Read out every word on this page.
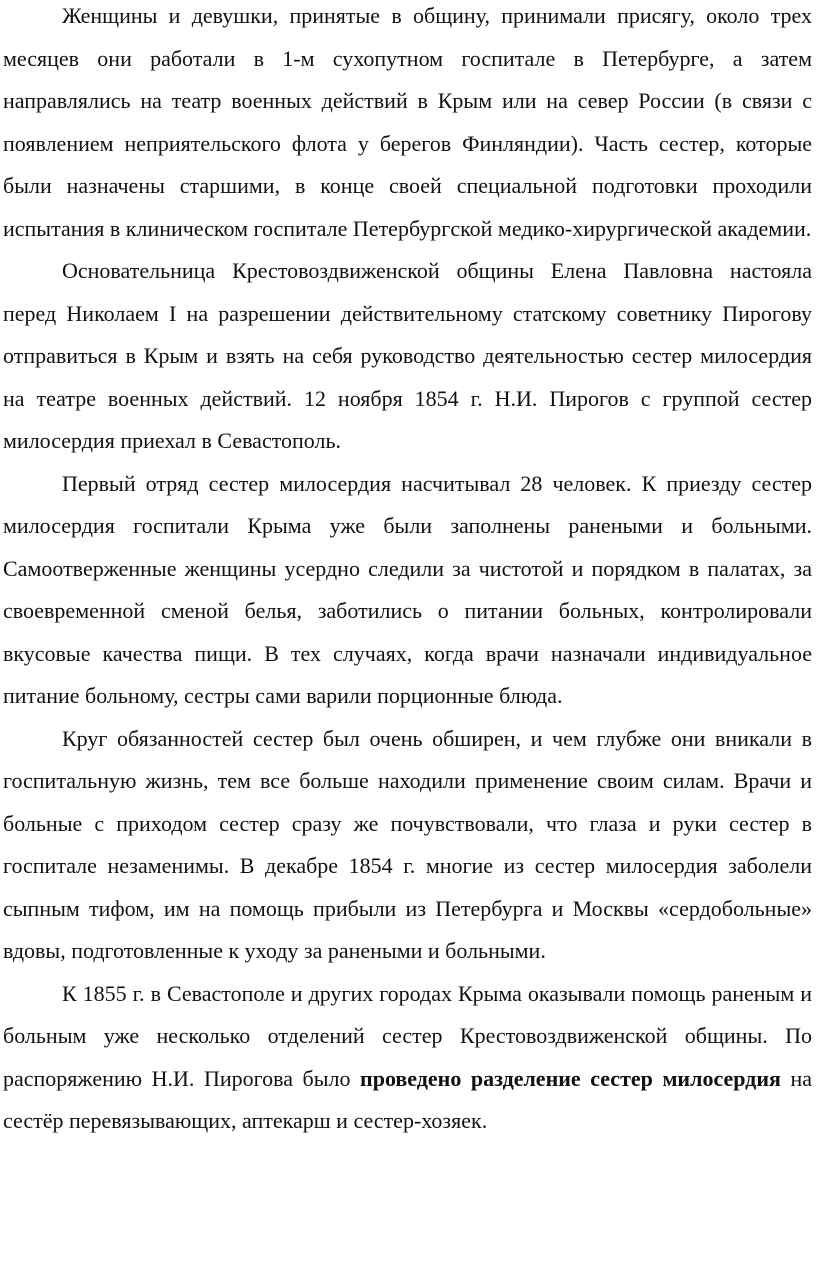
Женщины и девушки, принятые в общину, принимали присягу, около трех месяцев они работали в 1-м сухопутном госпитале в Петербурге, а затем направлялись на театр военных действий в Крым или на север России (в связи с появлением неприятельского флота у берегов Финляндии). Часть сестер, которые были назначены старшими, в конце своей специальной подготовки проходили испытания в клиническом госпитале Петербургской медико-хирургической академии.

Основательница Крестовоздвиженской общины Елена Павловна настояла перед Николаем I на разрешении действительному статскому советнику Пирогову отправиться в Крым и взять на себя руководство деятельностью сестер милосердия на театре военных действий. 12 ноября 1854 г. Н.И. Пирогов с группой сестер милосердия приехал в Севастополь.

Первый отряд сестер милосердия насчитывал 28 человек. К приезду сестер милосердия госпитали Крыма уже были заполнены ранеными и больными. Самоотверженные женщины усердно следили за чистотой и порядком в палатах, за своевременной сменой белья, заботились о питании больных, контролировали вкусовые качества пищи. В тех случаях, когда врачи назначали индивидуальное питание больному, сестры сами варили порционные блюда.

Круг обязанностей сестер был очень обширен, и чем глубже они вникали в госпитальную жизнь, тем все больше находили применение своим силам. Врачи и больные с приходом сестер сразу же почувствовали, что глаза и руки сестер в госпитале незаменимы. В декабре 1854 г. многие из сестер милосердия заболели сыпным тифом, им на помощь прибыли из Петербурга и Москвы «сердобольные» вдовы, подготовленные к уходу за ранеными и больными.

К 1855 г. в Севастополе и других городах Крыма оказывали помощь раненым и больным уже несколько отделений сестер Крестовоздвиженской общины. По распоряжению Н.И. Пирогова было проведено разделение сестер милосердия на сестёр перевязывающих, аптекарш и сестер-хозяек.
